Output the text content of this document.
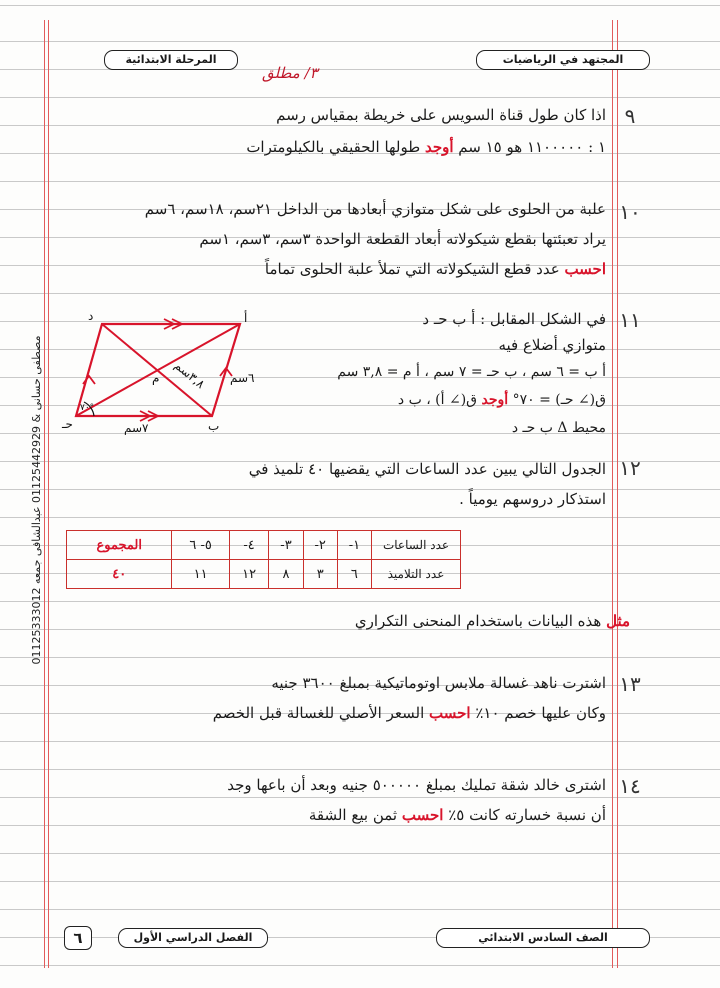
المجتهد في الرياضيات
المرحلة الابتدائية
٣/ مطلق
مصطفى حسانى & 01125442929 عبدالشافى جمعه 01125333012
٩
١٠
١١
١٢
١٣
١٤
اذا كان طول قناة السويس على خريطة بمقياس رسم
١ : ١١٠٠٠٠٠ هو ١٥ سم أوجد طولها الحقيقي بالكيلومترات
علبة من الحلوى على شكل متوازي أبعادها من الداخل ٢١سم، ١٨سم، ٦سم
يراد تعبئتها بقطع شيكولاته أبعاد القطعة الواحدة ٣سم، ٣سم، ١سم
احسب عدد قطع الشيكولاته التي تملأ علبة الحلوى تماماً
في الشكل المقابل : أ ب حـ د
متوازي أضلاع فيه
أ ب = ٦ سم ، ب حـ = ٧ سم ، أ م = ٣,٨ سم
ق(∠ حـ) = ٧٠° أوجد ق(∠ أ) ، ب د
محيط Δ ب حـ د
أ
ب
حـ
د
م	٦سم
٧سم
٣,٨سم
٧٠°
الجدول التالي يبين عدد الساعات التي يقضيها ٤٠ تلميذ في
استذكار دروسهم يومياً .
عدد الساعات	١-	٢-	٣-	٤-	٥- ٦	المجموع
عدد التلاميذ	٦	٣	٨	١٢	١١	٤٠
مثل هذه البيانات باستخدام المنحنى التكراري
اشترت ناهد غسالة ملابس اوتوماتيكية بمبلغ ٣٦٠٠ جنيه
وكان عليها خصم ١٠٪ احسب السعر الأصلي للغسالة قبل الخصم
اشترى خالد شقة تمليك بمبلغ ٥٠٠٠٠٠ جنيه وبعد أن باعها وجد
أن نسبة خسارته كانت ٥٪ احسب ثمن بيع الشقة
الصف السادس الابتدائي
الفصل الدراسي الأول
٦
